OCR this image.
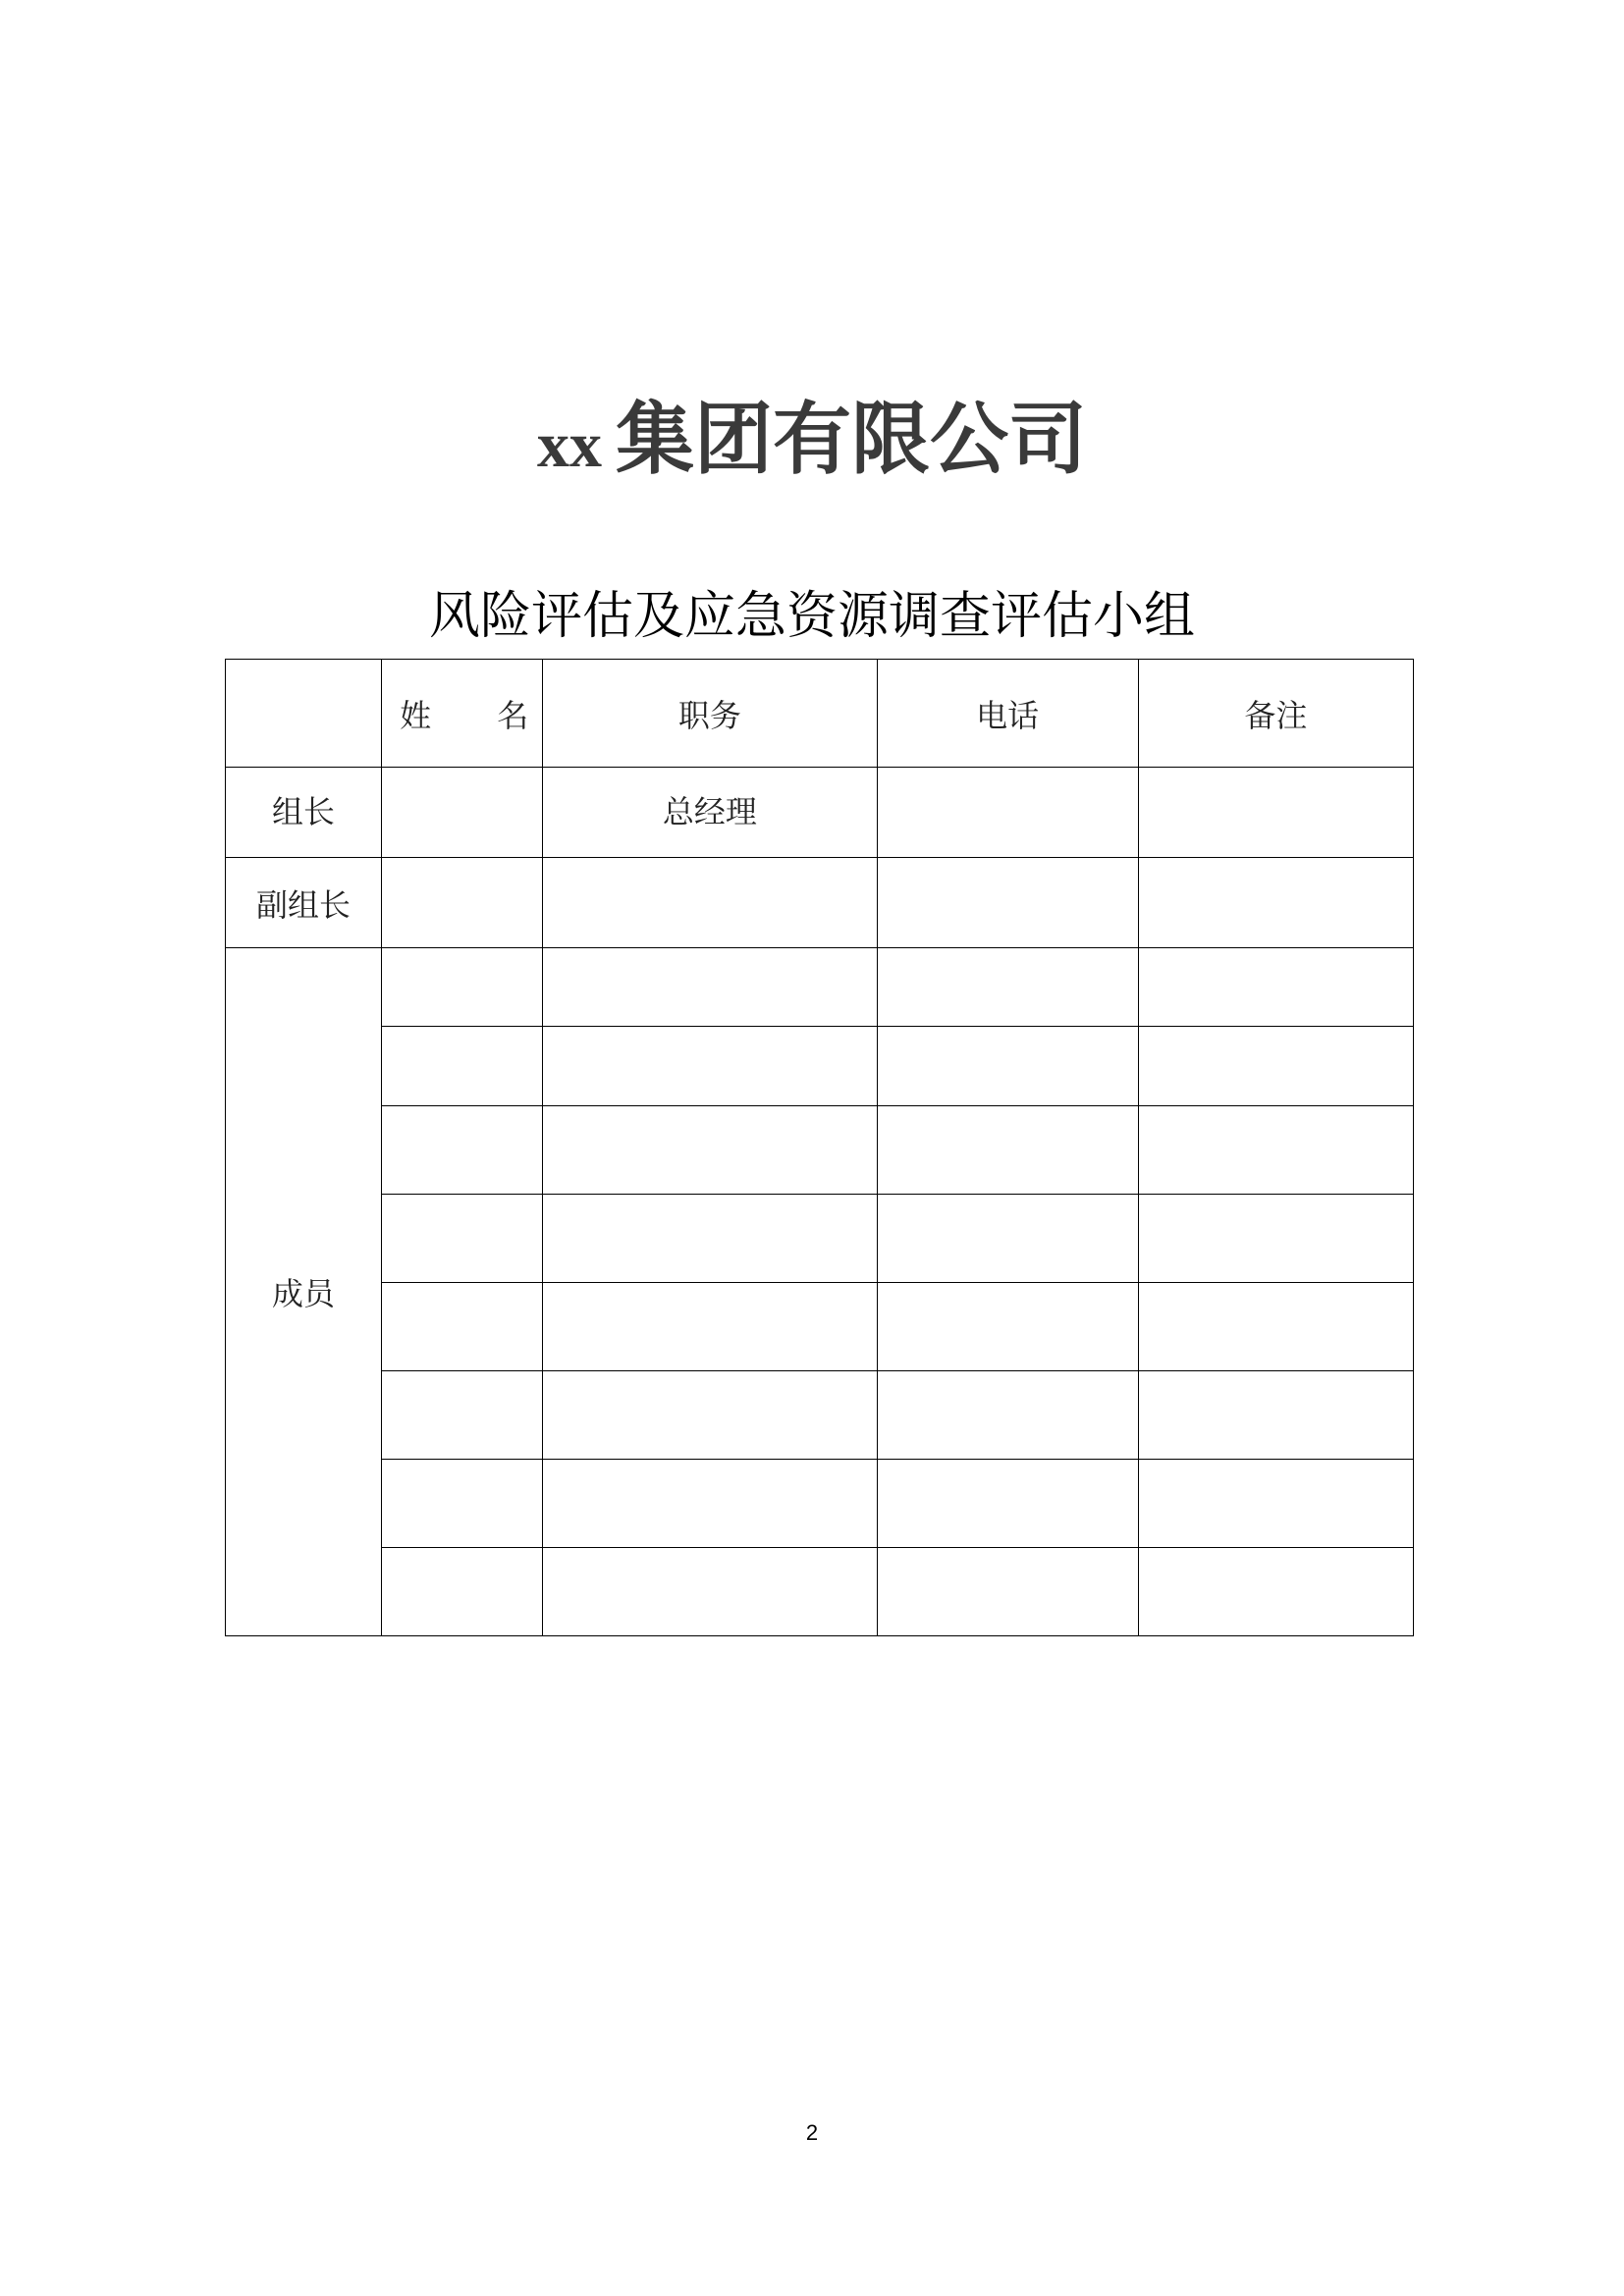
xx 集团有限公司
风险评估及应急资源调查评估小组

	姓 名	职务	电话	备注
组长		总经理		
副组长				
成员				

2
